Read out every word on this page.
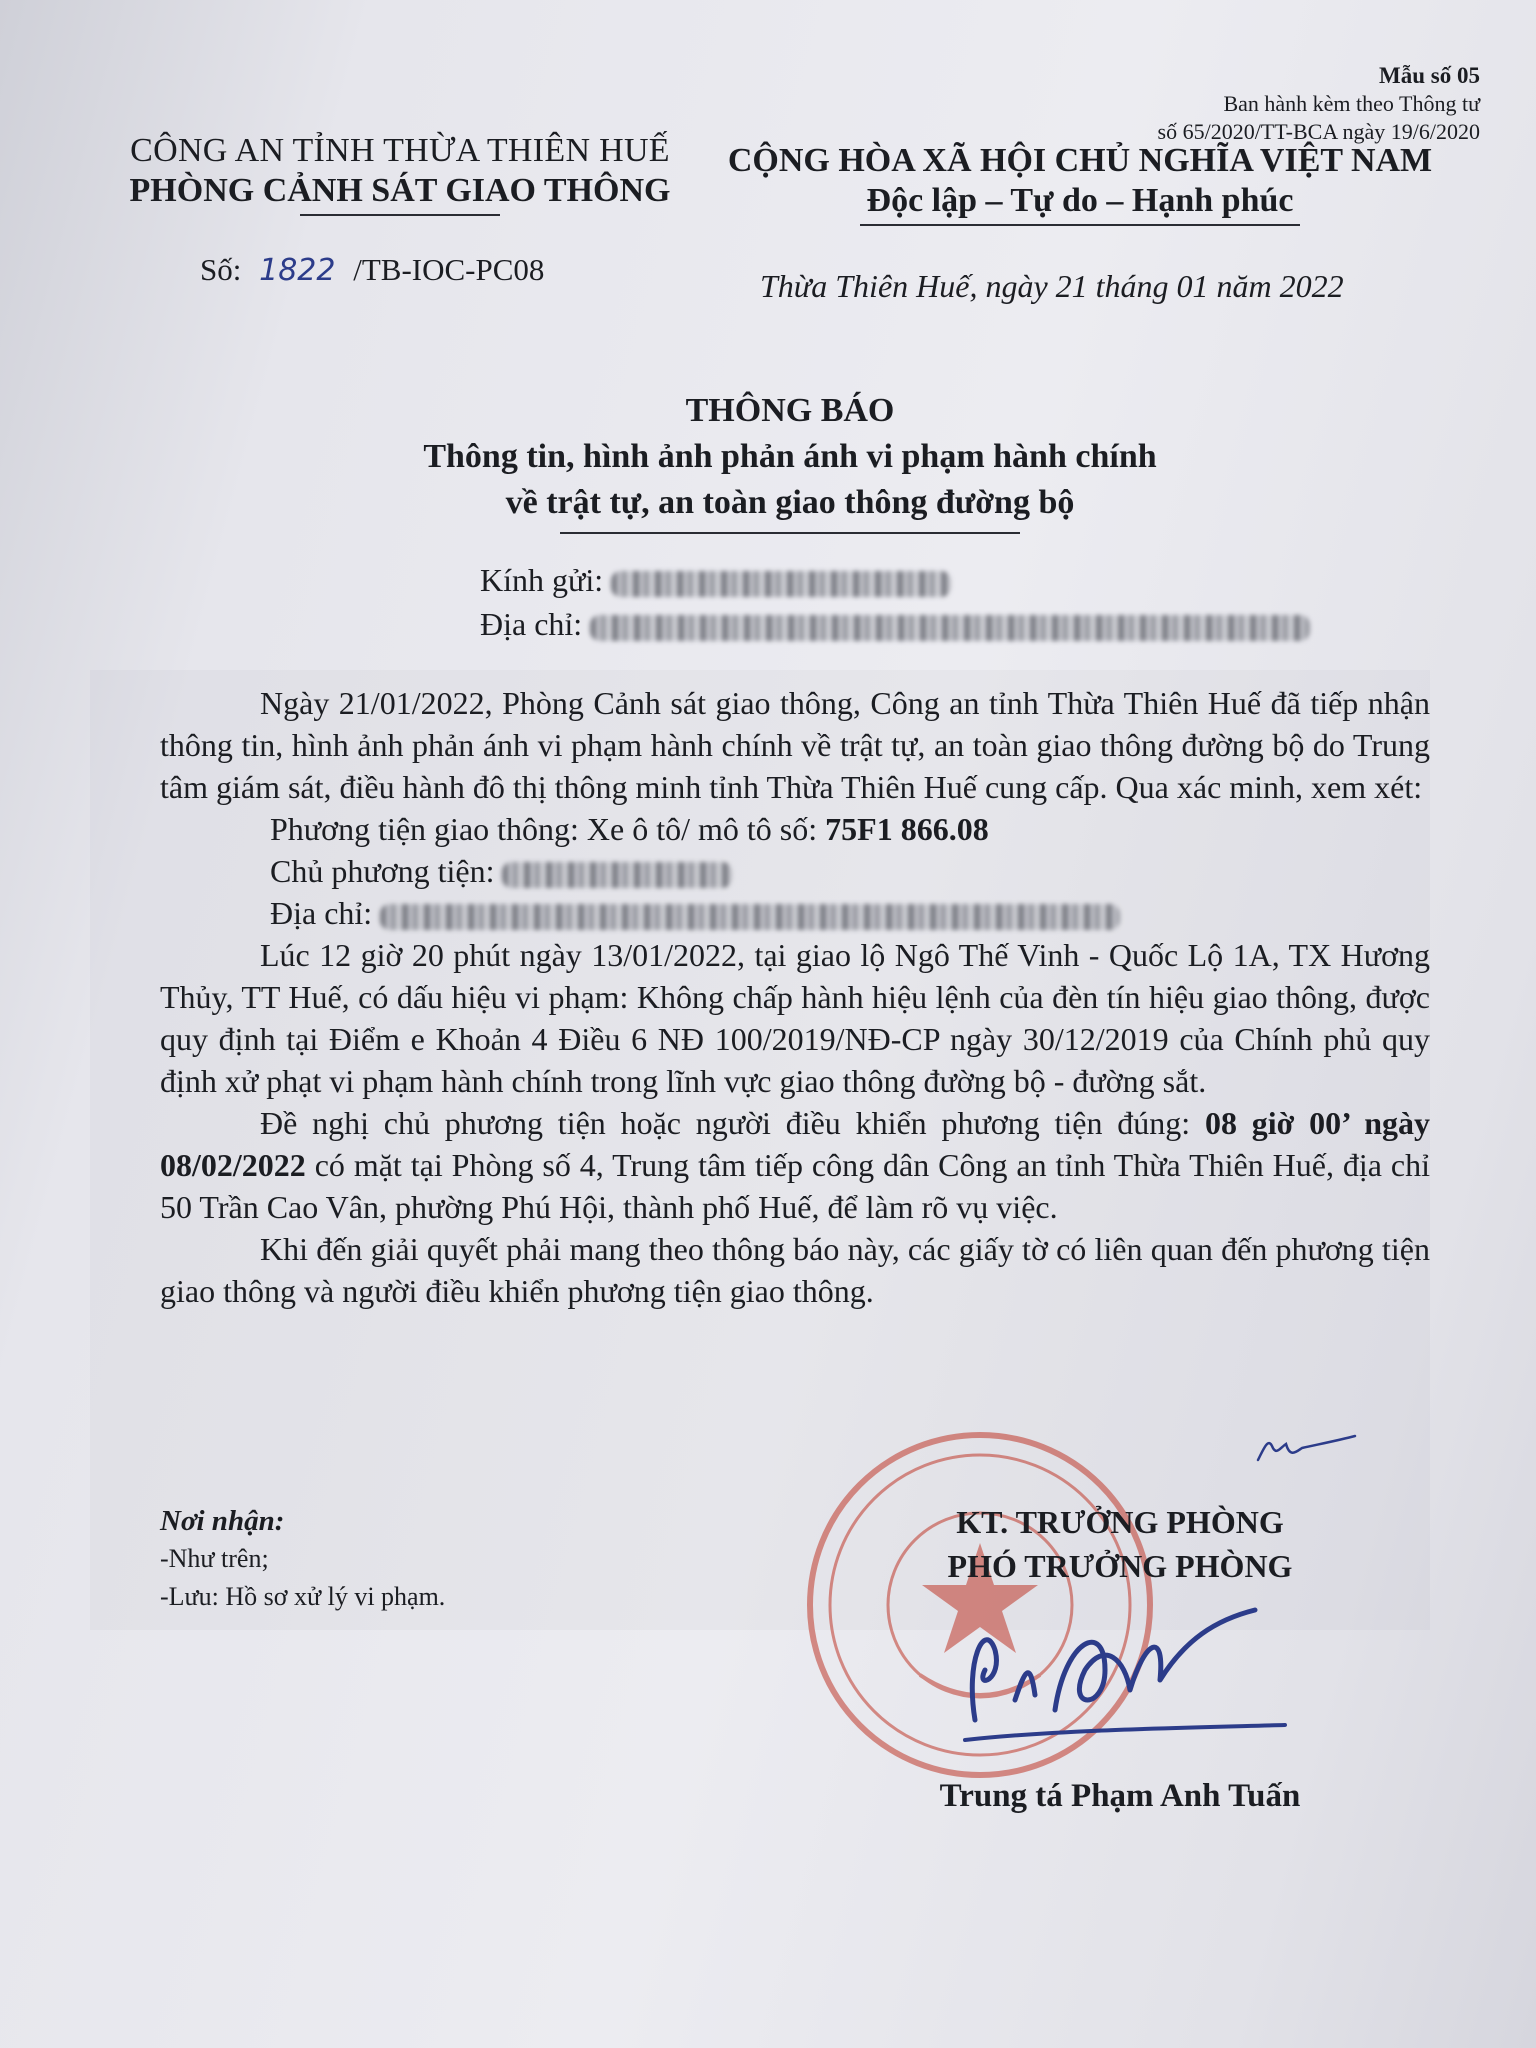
Mẫu số 05
Ban hành kèm theo Thông tư
số 65/2020/TT-BCA ngày 19/6/2020
CÔNG AN TỈNH THỪA THIÊN HUẾ
PHÒNG CẢNH SÁT GIAO THÔNG
CỘNG HÒA XÃ HỘI CHỦ NGHĨA VIỆT NAM
Độc lập – Tự do – Hạnh phúc
Số: 1822 /TB-IOC-PC08	Thừa Thiên Huế, ngày 21 tháng 01 năm 2022
THÔNG BÁO
Thông tin, hình ảnh phản ánh vi phạm hành chính
về trật tự, an toàn giao thông đường bộ
Kính gửi:
Địa chỉ:

Ngày 21/01/2022, Phòng Cảnh sát giao thông, Công an tỉnh Thừa Thiên Huế đã tiếp nhận thông tin, hình ảnh phản ánh vi phạm hành chính về trật tự, an toàn giao thông đường bộ do Trung tâm giám sát, điều hành đô thị thông minh tỉnh Thừa Thiên Huế cung cấp. Qua xác minh, xem xét:

Phương tiện giao thông: Xe ô tô/ mô tô số: 75F1 866.08

Chủ phương tiện:

Địa chỉ:

Lúc 12 giờ 20 phút ngày 13/01/2022, tại giao lộ Ngô Thế Vinh - Quốc Lộ 1A, TX Hương Thủy, TT Huế, có dấu hiệu vi phạm: Không chấp hành hiệu lệnh của đèn tín hiệu giao thông, được quy định tại Điểm e Khoản 4 Điều 6 NĐ 100/2019/NĐ-CP ngày 30/12/2019 của Chính phủ quy định xử phạt vi phạm hành chính trong lĩnh vực giao thông đường bộ - đường sắt.

Đề nghị chủ phương tiện hoặc người điều khiển phương tiện đúng: 08 giờ 00’ ngày 08/02/2022 có mặt tại Phòng số 4, Trung tâm tiếp công dân Công an tỉnh Thừa Thiên Huế, địa chỉ 50 Trần Cao Vân, phường Phú Hội, thành phố Huế, để làm rõ vụ việc.

Khi đến giải quyết phải mang theo thông báo này, các giấy tờ có liên quan đến phương tiện giao thông và người điều khiển phương tiện giao thông.

Nơi nhận:
-Như trên;
-Lưu: Hồ sơ xử lý vi phạm.
KT. TRƯỞNG PHÒNG
PHÓ TRƯỞNG PHÒNG
Trung tá Phạm Anh Tuấn
